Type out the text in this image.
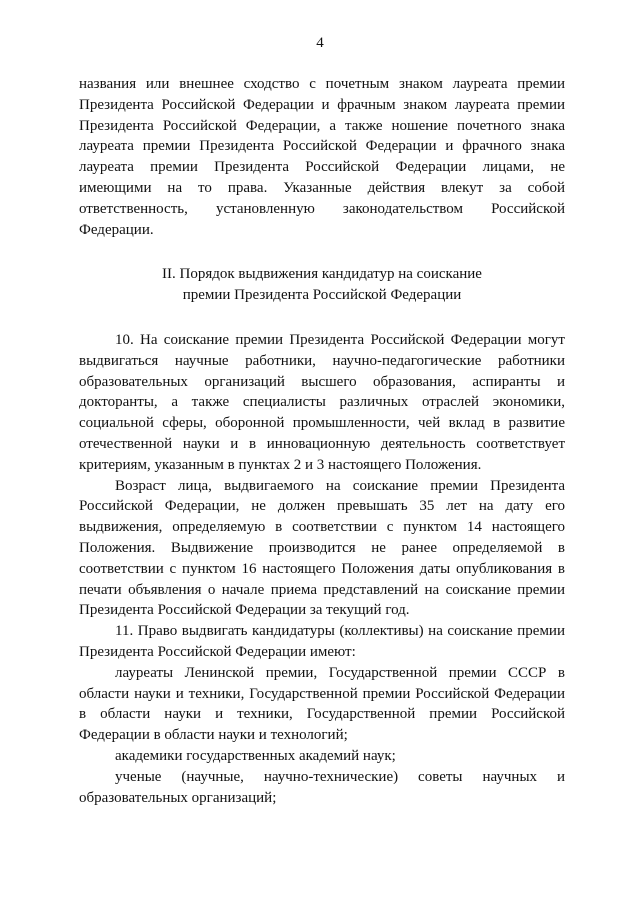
4

названия или внешнее сходство с почетным знаком лауреата премии Президента Российской Федерации и фрачным знаком лауреата премии Президента Российской Федерации, а также ношение почетного знака лауреата премии Президента Российской Федерации и фрачного знака лауреата премии Президента Российской Федерации лицами, не имеющими на то права. Указанные действия влекут за собой ответственность, установленную законодательством Российской Федерации.

II. Порядок выдвижения кандидатур на соискание
премии Президента Российской Федерации

10. На соискание премии Президента Российской Федерации могут выдвигаться научные работники, научно-педагогические работники образовательных организаций высшего образования, аспиранты и докторанты, а также специалисты различных отраслей экономики, социальной сферы, оборонной промышленности, чей вклад в развитие отечественной науки и в инновационную деятельность соответствует критериям, указанным в пунктах 2 и 3 настоящего Положения.

Возраст лица, выдвигаемого на соискание премии Президента Российской Федерации, не должен превышать 35 лет на дату его выдвижения, определяемую в соответствии с пунктом 14 настоящего Положения. Выдвижение производится не ранее определяемой в соответствии с пунктом 16 настоящего Положения даты опубликования в печати объявления о начале приема представлений на соискание премии Президента Российской Федерации за текущий год.

11. Право выдвигать кандидатуры (коллективы) на соискание премии Президента Российской Федерации имеют:

лауреаты Ленинской премии, Государственной премии СССР в области науки и техники, Государственной премии Российской Федерации в области науки и техники, Государственной премии Российской Федерации в области науки и технологий;

академики государственных академий наук;

ученые (научные, научно-технические) советы научных и образовательных организаций;
